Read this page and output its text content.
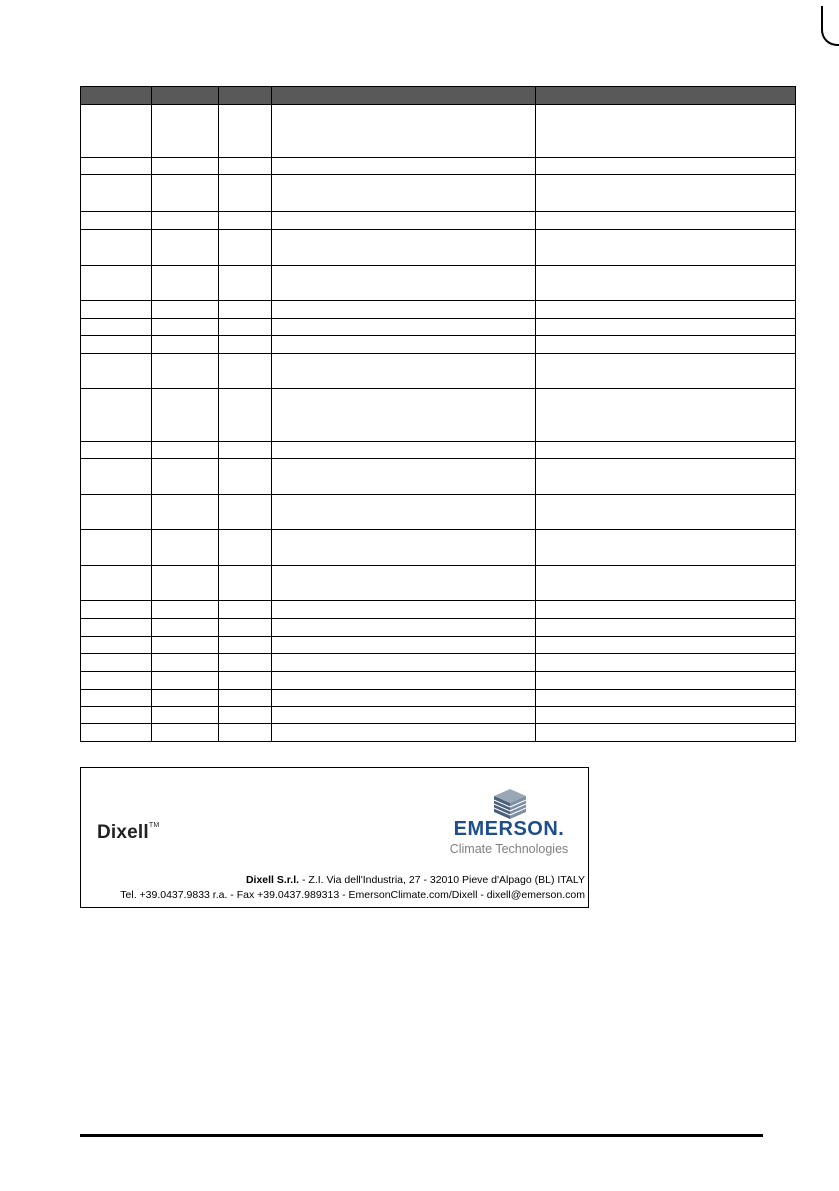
Dixell™	EMERSON.
Climate Technologies
Dixell S.r.l. - Z.I. Via dell'Industria, 27 - 32010 Pieve d'Alpago (BL) ITALY
Tel. +39.0437.9833 r.a. - Fax +39.0437.989313 - EmersonClimate.com/Dixell - dixell@emerson.com
